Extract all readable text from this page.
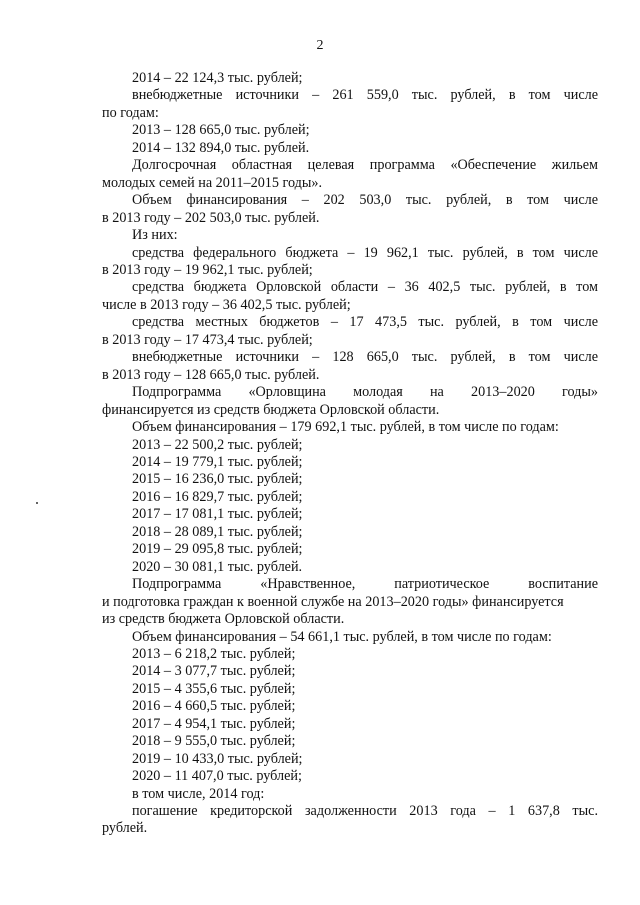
2

2014 – 22 124,3 тыс. рублей;

внебюджетные источники – 261 559,0 тыс. рублей, в том числе

по годам:

2013 – 128 665,0 тыс. рублей;

2014 – 132 894,0 тыс. рублей.

Долгосрочная областная целевая программа «Обеспечение жильем

молодых семей на 2011–2015 годы».

Объем финансирования – 202 503,0 тыс. рублей, в том числе

в 2013 году – 202 503,0 тыс. рублей.

Из них:

средства федерального бюджета – 19 962,1 тыс. рублей, в том числе

в 2013 году – 19 962,1 тыс. рублей;

средства бюджета Орловской области – 36 402,5 тыс. рублей, в том

числе в 2013 году – 36 402,5 тыс. рублей;

средства местных бюджетов – 17 473,5 тыс. рублей, в том числе

в 2013 году – 17 473,4 тыс. рублей;

внебюджетные источники – 128 665,0 тыс. рублей, в том числе

в 2013 году – 128 665,0 тыс. рублей.

Подпрограмма «Орловщина молодая на 2013–2020 годы»

финансируется из средств бюджета Орловской области.

Объем финансирования – 179 692,1 тыс. рублей, в том числе по годам:

2013 – 22 500,2 тыс. рублей;

2014 – 19 779,1 тыс. рублей;

2015 – 16 236,0 тыс. рублей;

2016 – 16 829,7 тыс. рублей;

2017 – 17 081,1 тыс. рублей;

2018 – 28 089,1 тыс. рублей;

2019 – 29 095,8 тыс. рублей;

2020 – 30 081,1 тыс. рублей.

Подпрограмма «Нравственное, патриотическое воспитание

и подготовка граждан к военной службе на 2013–2020 годы» финансируется

из средств бюджета Орловской области.

Объем финансирования – 54 661,1 тыс. рублей, в том числе по годам:

2013 – 6 218,2 тыс. рублей;

2014 – 3 077,7 тыс. рублей;

2015 – 4 355,6 тыс. рублей;

2016 – 4 660,5 тыс. рублей;

2017 – 4 954,1 тыс. рублей;

2018 – 9 555,0 тыс. рублей;

2019 – 10 433,0 тыс. рублей;

2020 – 11 407,0 тыс. рублей;

в том числе, 2014 год:

погашение кредиторской задолженности 2013 года – 1 637,8 тыс.

рублей.
